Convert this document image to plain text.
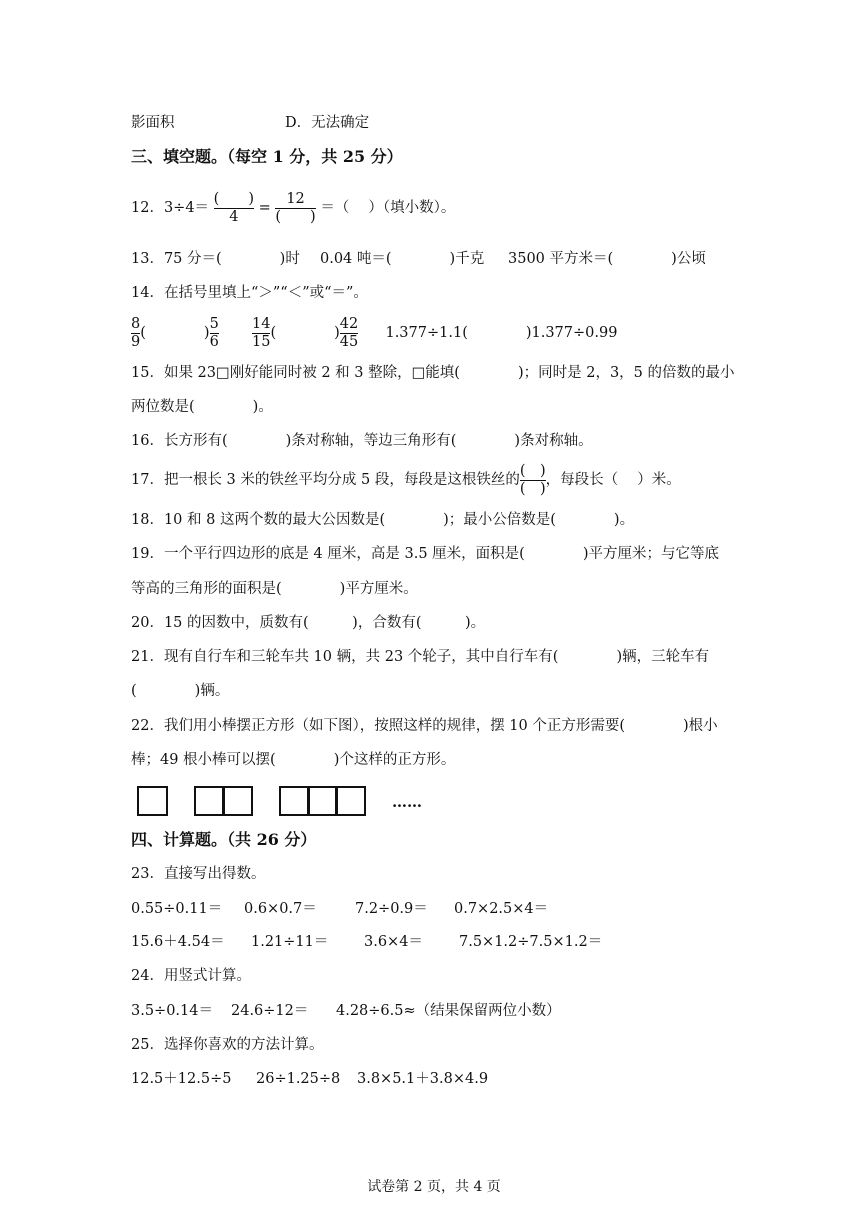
影面积	D．无法确定
三、填空题。（每空 1 分，共 25 分）
12．$3\div 4= \frac{( )}{4} = \frac{12}{( )}$ ＝（　 ）（填小数）。
13．75 分＝(　　　　)时 0.04 吨＝(　　　　)千克 3500 平方米＝(　　　　)公顷
14．在括号里填上“＞”“＜”或“＝”。
$\frac{8}{9}$(　　　　)$\frac{5}{6} \frac{14}{15}$(　　　　)$\frac{42}{45} 1.377\div 1.1$(　　　　)1.377÷0.99
15．如果 23□刚好能同时被 2 和 3 整除，□能填(　　　　)；同时是 2，3，5 的倍数的最小
两位数是(　　　　)。
16．长方形有(　　　　)条对称轴，等边三角形有(　　　　)条对称轴。
17．把一根长 3 米的铁丝平均分成 5 段，每段是这根铁丝的$\frac{( )}{( )}$，每段长（　 ）米。
18．10 和 8 这两个数的最大公因数是(　　　　)；最小公倍数是(　　　　)。
19．一个平行四边形的底是 4 厘米，高是 3.5 厘米，面积是(　　　　)平方厘米；与它等底
等高的三角形的面积是(　　　　)平方厘米。
20．15 的因数中，质数有(　　　)，合数有(　　　)。
21．现有自行车和三轮车共 10 辆，共 23 个轮子，其中自行车有(　　　　)辆，三轮车有
(　　　　)辆。
22．我们用小棒摆正方形（如下图），按照这样的规律，摆 10 个正方形需要(　　　　)根小
棒；49 根小棒可以摆(　　　　)个这样的正方形。
……
四、计算题。（共 26 分）
23．直接写出得数。
0.55÷0.11＝ 0.6×0.7＝	7.2÷0.9＝ 0.7×2.5×4＝
15.6＋4.54＝ 1.21÷11＝ 3.6×4＝ 7.5×1.2÷7.5×1.2＝
24．用竖式计算。
3.5÷0.14＝ 24.6÷12＝ 4.28÷6.5≈（结果保留两位小数）
25．选择你喜欢的方法计算。
12.5＋12.5÷5 26÷1.25÷8 3.8×5.1＋3.8×4.9
试卷第 2 页，共 4 页
